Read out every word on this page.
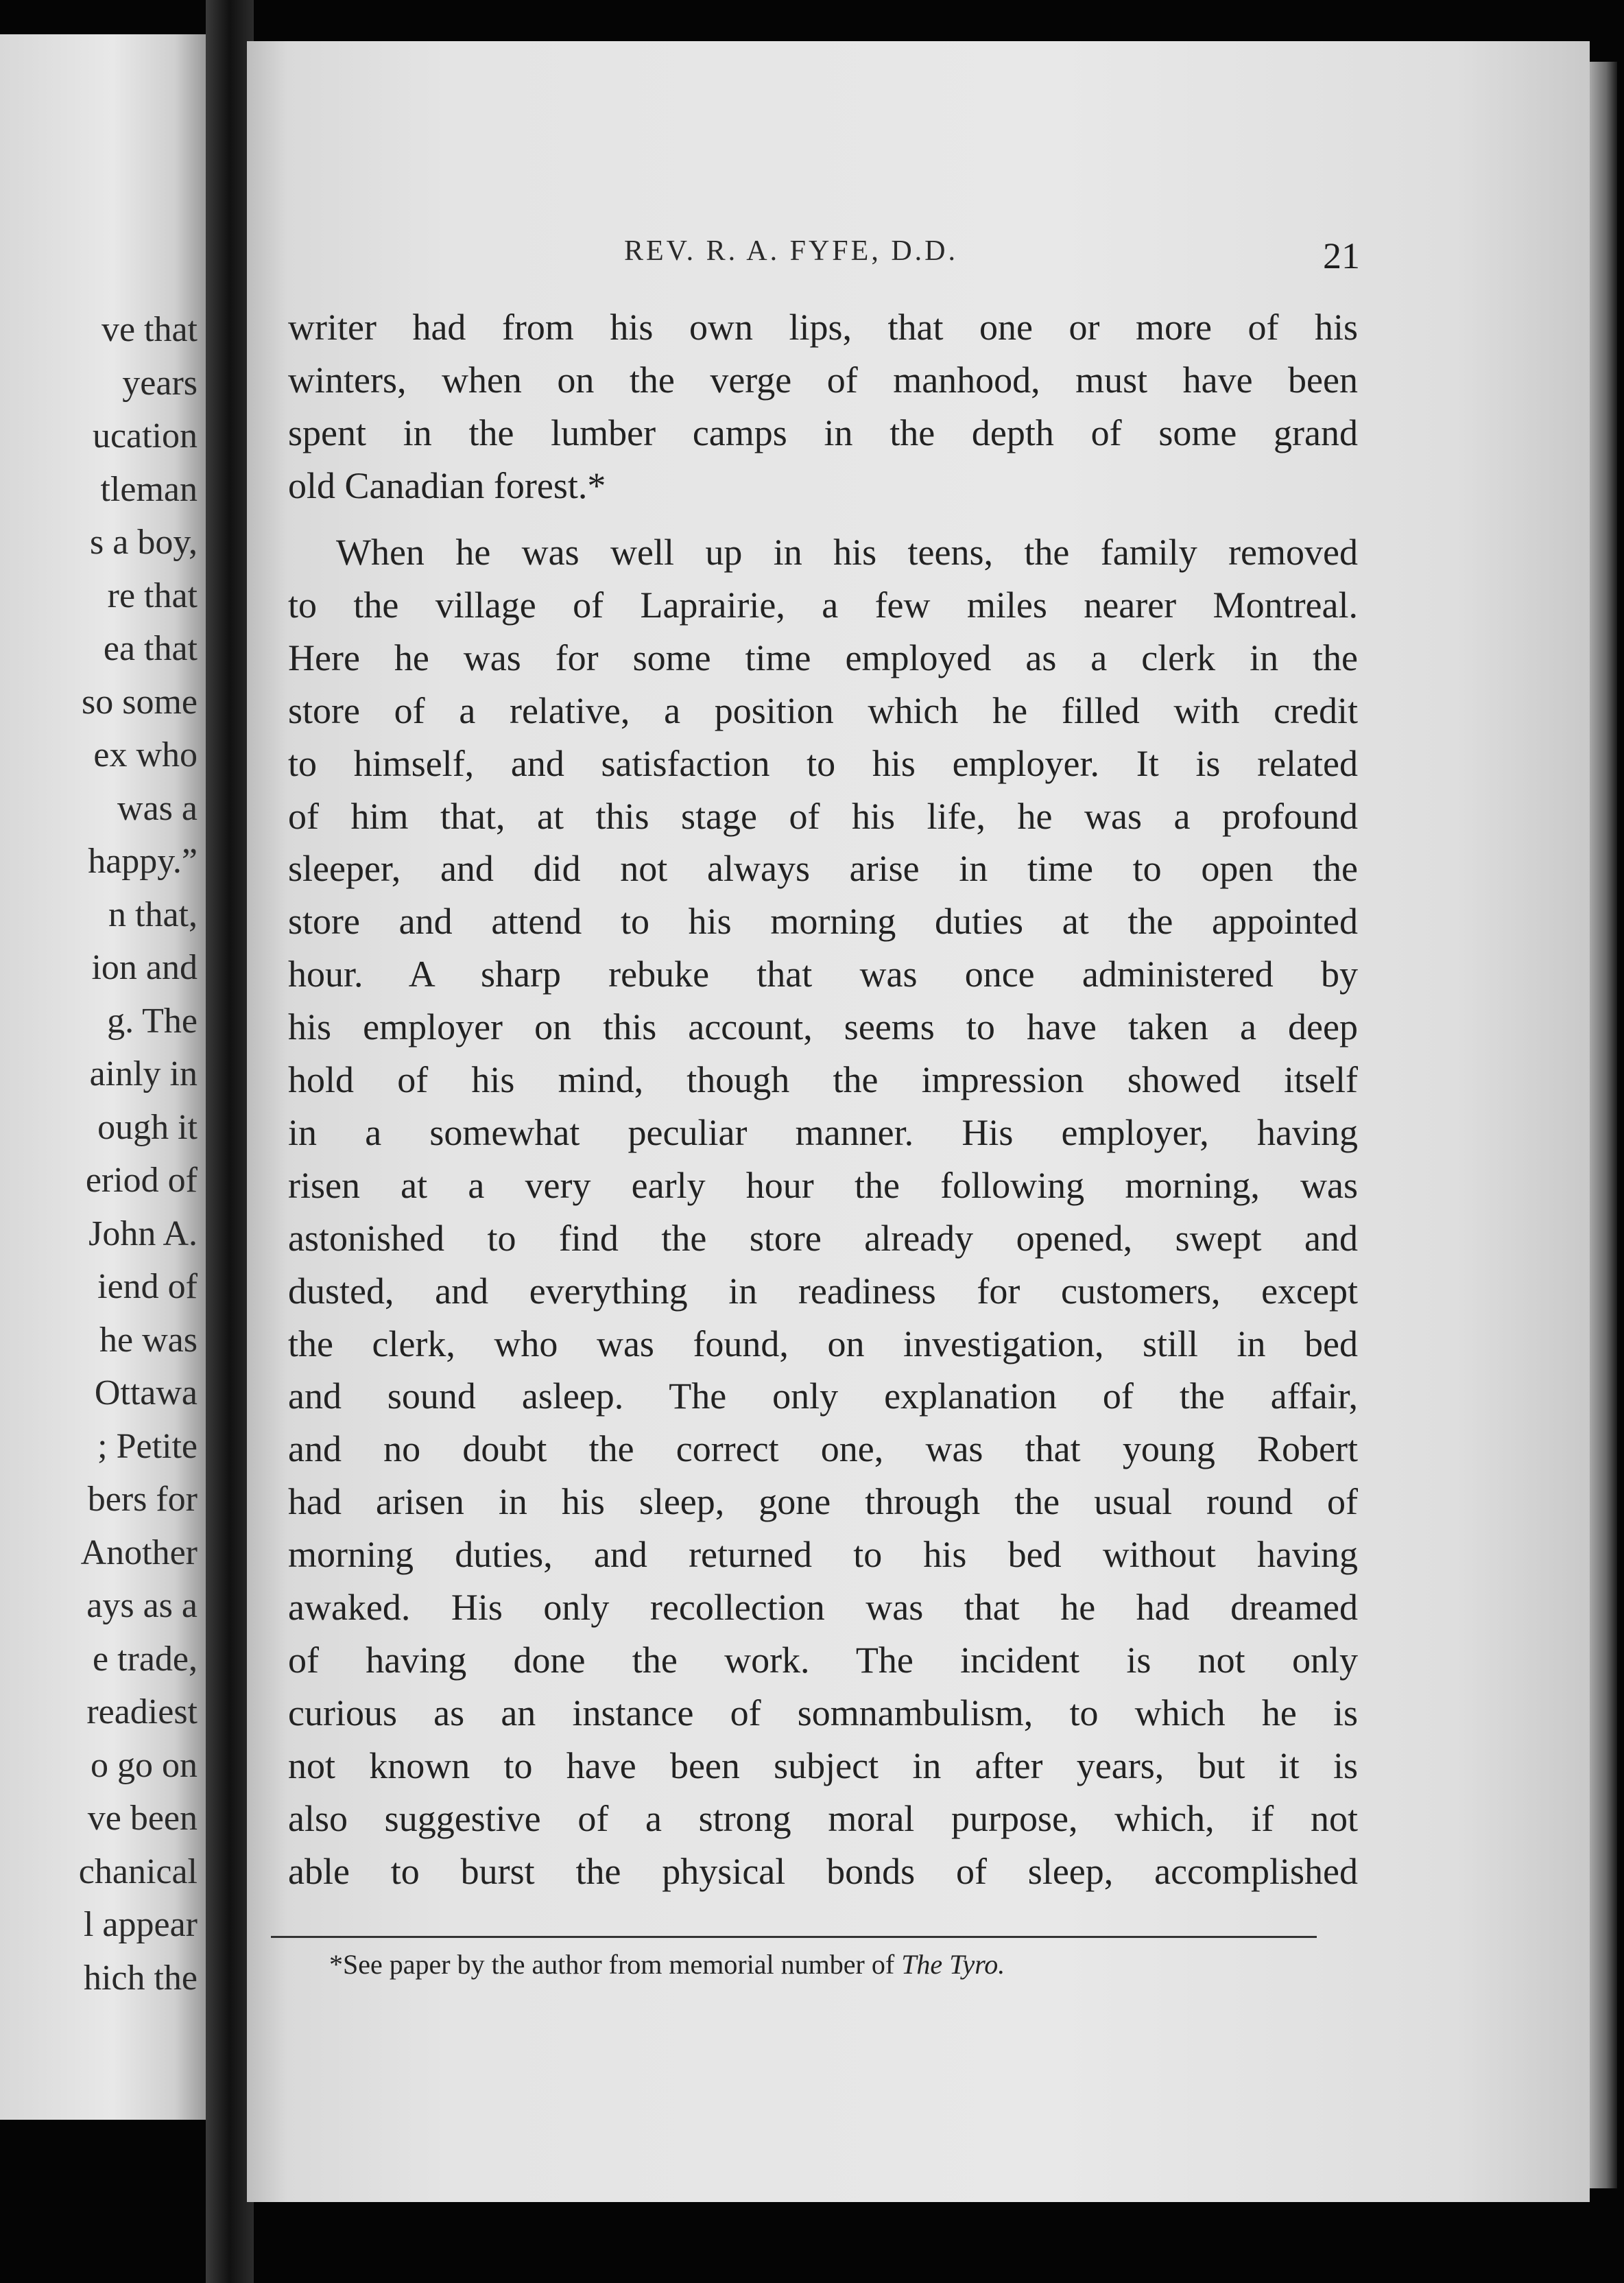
ve that
years
ucation
tleman
s a boy,
re that
ea that
so some
ex who
was a
happy.”
n that,
ion and
g. The
ainly in
ough it
eriod of
John A.
iend of
he was
Ottawa
; Petite
bers for
Another
ays as a
e trade,
readiest
o go on
ve been
chanical
l appear
hich the
REV. R. A. FYFE, D.D.	21
writer had from his own lips, that one or more of his
winters, when on the verge of manhood, must have been
spent in the lumber camps in the depth of some grand
old Canadian forest.*
When he was well up in his teens, the family removed
to the village of Laprairie, a few miles nearer Montreal.
Here he was for some time employed as a clerk in the
store of a relative, a position which he filled with credit
to himself, and satisfaction to his employer. It is related
of him that, at this stage of his life, he was a profound
sleeper, and did not always arise in time to open the
store and attend to his morning duties at the appointed
hour. A sharp rebuke that was once administered by
his employer on this account, seems to have taken a deep
hold of his mind, though the impression showed itself
in a somewhat peculiar manner. His employer, having
risen at a very early hour the following morning, was
astonished to find the store already opened, swept and
dusted, and everything in readiness for customers, except
the clerk, who was found, on investigation, still in bed
and sound asleep. The only explanation of the affair,
and no doubt the correct one, was that young Robert
had arisen in his sleep, gone through the usual round of
morning duties, and returned to his bed without having
awaked. His only recollection was that he had dreamed
of having done the work. The incident is not only
curious as an instance of somnambulism, to which he is
not known to have been subject in after years, but it is
also suggestive of a strong moral purpose, which, if not
able to burst the physical bonds of sleep, accomplished
*See paper by the author from memorial number of The Tyro.
